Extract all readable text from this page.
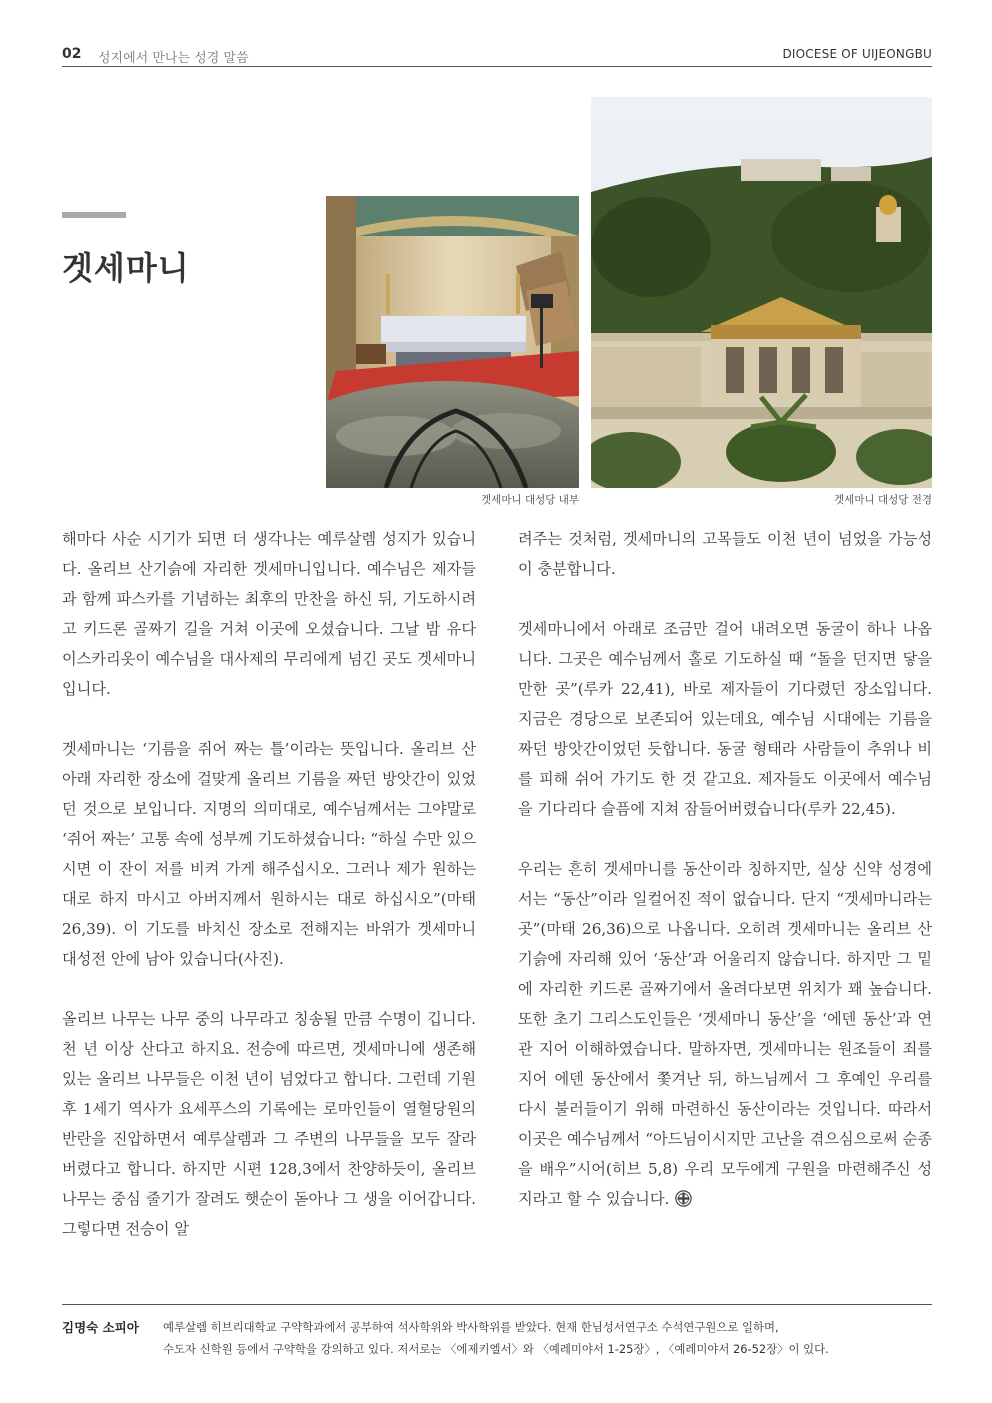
02 성지에서 만나는 성경 말씀	DIOCESE OF UIJEONGBU
겟세마니
겟세마니 대성당 내부	겟세마니 대성당 전경

해마다 사순 시기가 되면 더 생각나는 예루살렘 성지가 있습니다. 올리브 산기슭에 자리한 겟세마니입니다. 예수님은 제자들과 함께 파스카를 기념하는 최후의 만찬을 하신 뒤, 기도하시려고 키드론 골짜기 길을 거쳐 이곳에 오셨습니다. 그날 밤 유다 이스카리옷이 예수님을 대사제의 무리에게 넘긴 곳도 겟세마니입니다.

겟세마니는 ‘기름을 쥐어 짜는 틀’이라는 뜻입니다. 올리브 산 아래 자리한 장소에 걸맞게 올리브 기름을 짜던 방앗간이 있었던 것으로 보입니다. 지명의 의미대로, 예수님께서는 그야말로 ‘쥐어 짜는’ 고통 속에 성부께 기도하셨습니다: “하실 수만 있으시면 이 잔이 저를 비켜 가게 해주십시오. 그러나 제가 원하는 대로 하지 마시고 아버지께서 원하시는 대로 하십시오”(마태 26,39). 이 기도를 바치신 장소로 전해지는 바위가 겟세마니 대성전 안에 남아 있습니다(사진).

올리브 나무는 나무 중의 나무라고 칭송될 만큼 수명이 깁니다. 천 년 이상 산다고 하지요. 전승에 따르면, 겟세마니에 생존해 있는 올리브 나무들은 이천 년이 넘었다고 합니다. 그런데 기원후 1세기 역사가 요세푸스의 기록에는 로마인들이 열혈당원의 반란을 진압하면서 예루살렘과 그 주변의 나무들을 모두 잘라버렸다고 합니다. 하지만 시편 128,3에서 찬양하듯이, 올리브 나무는 중심 줄기가 잘려도 햇순이 돋아나 그 생을 이어갑니다. 그렇다면 전승이 알

려주는 것처럼, 겟세마니의 고목들도 이천 년이 넘었을 가능성이 충분합니다.

겟세마니에서 아래로 조금만 걸어 내려오면 동굴이 하나 나옵니다. 그곳은 예수님께서 홀로 기도하실 때 “돌을 던지면 닿을 만한 곳”(루카 22,41), 바로 제자들이 기다렸던 장소입니다. 지금은 경당으로 보존되어 있는데요, 예수님 시대에는 기름을 짜던 방앗간이었던 듯합니다. 동굴 형태라 사람들이 추위나 비를 피해 쉬어 가기도 한 것 같고요. 제자들도 이곳에서 예수님을 기다리다 슬픔에 지쳐 잠들어버렸습니다(루카 22,45).

우리는 흔히 겟세마니를 동산이라 칭하지만, 실상 신약 성경에서는 “동산”이라 일컬어진 적이 없습니다. 단지 “겟세마니라는 곳”(마태 26,36)으로 나옵니다. 오히려 겟세마니는 올리브 산기슭에 자리해 있어 ‘동산’과 어울리지 않습니다. 하지만 그 밑에 자리한 키드론 골짜기에서 올려다보면 위치가 꽤 높습니다. 또한 초기 그리스도인들은 ‘겟세마니 동산’을 ‘에덴 동산’과 연관 지어 이해하였습니다. 말하자면, 겟세마니는 원조들이 죄를 지어 에덴 동산에서 쫓겨난 뒤, 하느님께서 그 후예인 우리를 다시 불러들이기 위해 마련하신 동산이라는 것입니다. 따라서 이곳은 예수님께서 “아드님이시지만 고난을 겪으심으로써 순종을 배우”시어(히브 5,8) 우리 모두에게 구원을 마련해주신 성지라고 할 수 있습니다.

김명숙 소피아 예루살렘 히브리대학교 구약학과에서 공부하여 석사학위와 박사학위를 받았다. 현재 한님성서연구소 수석연구원으로 일하며,
수도자 신학원 등에서 구약학을 강의하고 있다. 저서로는 〈에제키엘서〉와 〈예레미야서 1-25장〉, 〈예레미야서 26-52장〉이 있다.
